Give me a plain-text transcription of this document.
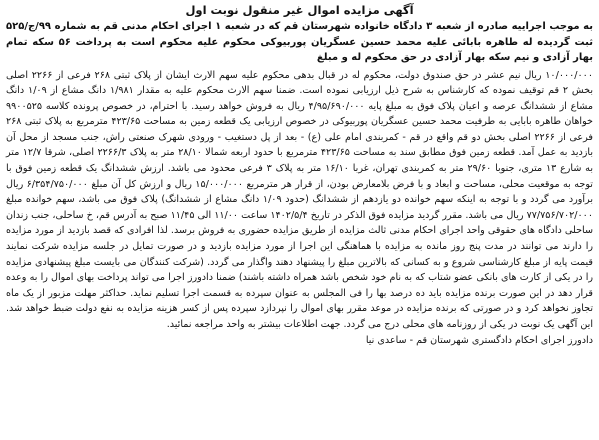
آگهی مزایده اموال غیر منقول نوبت اول

به موجب اجراییه صادره از شعبه ۳ دادگاه خانواده شهرستان قم که در شعبه ۱ اجرای احکام مدنی قم به شماره ۹۹/ج/۵۲۵ ثبت گردیده له طاهره بابائی علیه محمد حسین عسگریان پوربیوکی محکوم علیه محکوم است به پرداخت ۵۶ سکه تمام بهار آزادی و نیم سکه بهار آزادی در حق محکوم له و مبلغ

۱۰/۰۰۰/۰۰۰ ریال نیم عشر در حق صندوق دولت، محکوم له در قبال بدهی محکوم علیه سهم الارث ایشان از پلاک ثبتی ۲۶۸ فرعی از ۲۲۶۶ اصلی بخش ۲ قم توقیف نموده که کارشناس به شرح ذیل ارزیابی نموده است. ضمنا سهم الارث محکوم علیه به مقدار ۱/۹۸۱ دانگ مشاع از ۱/۰۹ دانگ مشاع از ششدانگ عرصه و اعیان پلاک فوق به مبلغ پایه ۴/۹۵/۶۹۰/۰۰۰ ریال به فروش خواهد رسید. با احترام، در خصوص پرونده کلاسه ۹۹۰۰۵۲۵ خواهان طاهره بابایی به طرفیت محمد حسین عسگریان پوربیوکی در خصوص ارزیابی یک قطعه زمین به مساحت ۴۲۳/۶۵ مترمربع به پلاک ثبتی ۲۶۸ فرعی از ۲۲۶۶ اصلی بخش دو قم واقع در قم - کمربندی امام علی (ع) - بعد از پل دستغیب - ورودی شهرک صنعتی راش، جنب مسجد از محل آن بازدید به عمل آمد. قطعه زمین فوق مطابق سند به مساحت ۴۲۳/۶۵ مترمربع با حدود اربعه شمالا ۲۸/۱۰ متر به پلاک ۲۲۶۶/۳ اصلی، شرقا ۱۲/۷ متر به شارع ۱۳ متری، جنوبا ۲۹/۶۰ متر به کمربندی تهران، غربا ۱۶/۱۰ متر به پلاک ۳ فرعی محدود می باشد. ارزش ششدانگ یک قطعه زمین فوق با توجه به موقعیت محلی، مساحت و ابعاد و با فرض بلامعارض بودن، از قرار هر مترمربع ۱۵/۰۰۰/۰۰۰ ریال و ارزش کل آن مبلغ ۶/۳۵۴/۷۵۰/۰۰۰ ریال برآورد می گردد و با توجه به اینکه سهم خوانده دو یازدهم از ششدانگ (حدود ۱/۰۹ دانگ مشاع از ششدانگ) پلاک فوق می باشد، سهم خوانده مبلغ ۷۷/۷۵۶/۷۰۲/۰۰۰ ریال می باشد. مقرر گردید مزایده فوق الذکر در تاریخ ۱۴۰۲/۵/۴ ساعت ۱۱/۰۰ الی ۱۱/۴۵ صبح به آدرس قم، خ ساحلی، جنب زندان ساحلی دادگاه های حقوقی واحد اجرای احکام مدنی ثالث مزایده از طریق مزایده حضوری به فروش برسد. لذا افرادی که قصد بازدید از مورد مزایده را دارند می توانند در مدت پنج روز مانده به مزایده با هماهنگی این اجرا از مورد مزایده بازدید و در صورت تمایل در جلسه مزایده شرکت نمایند قیمت پایه از مبلغ کارشناسی شروع و به کسانی که بالاترین مبلغ را پیشنهاد دهند واگذار می گردد. (شرکت کنندگان می بایست مبلغ پیشنهادی مزایده را در یکی از کارت های بانکی عضو شتاب که به نام خود شخص باشد همراه داشته باشند) ضمنا دادورز اجرا می تواند پرداخت بهای اموال را به وعده قرار دهد در این صورت برنده مزایده باید ده درصد بها را فی المجلس به عنوان سپرده به قسمت اجرا تسلیم نماید. حداکثر مهلت مزبور از یک ماه تجاوز نخواهد کرد و در صورتی که برنده مزایده در موعد مقرر بهای اموال را نپردازد سپرده پس از کسر هزینه مزایده به نفع دولت ضبط خواهد شد. این آگهی یک نوبت در یکی از روزنامه های محلی درج می گردد. جهت اطلاعات بیشتر به واحد مراجعه نمائید.

دادورز اجرای احکام دادگستری شهرستان قم - ساعدی نیا
